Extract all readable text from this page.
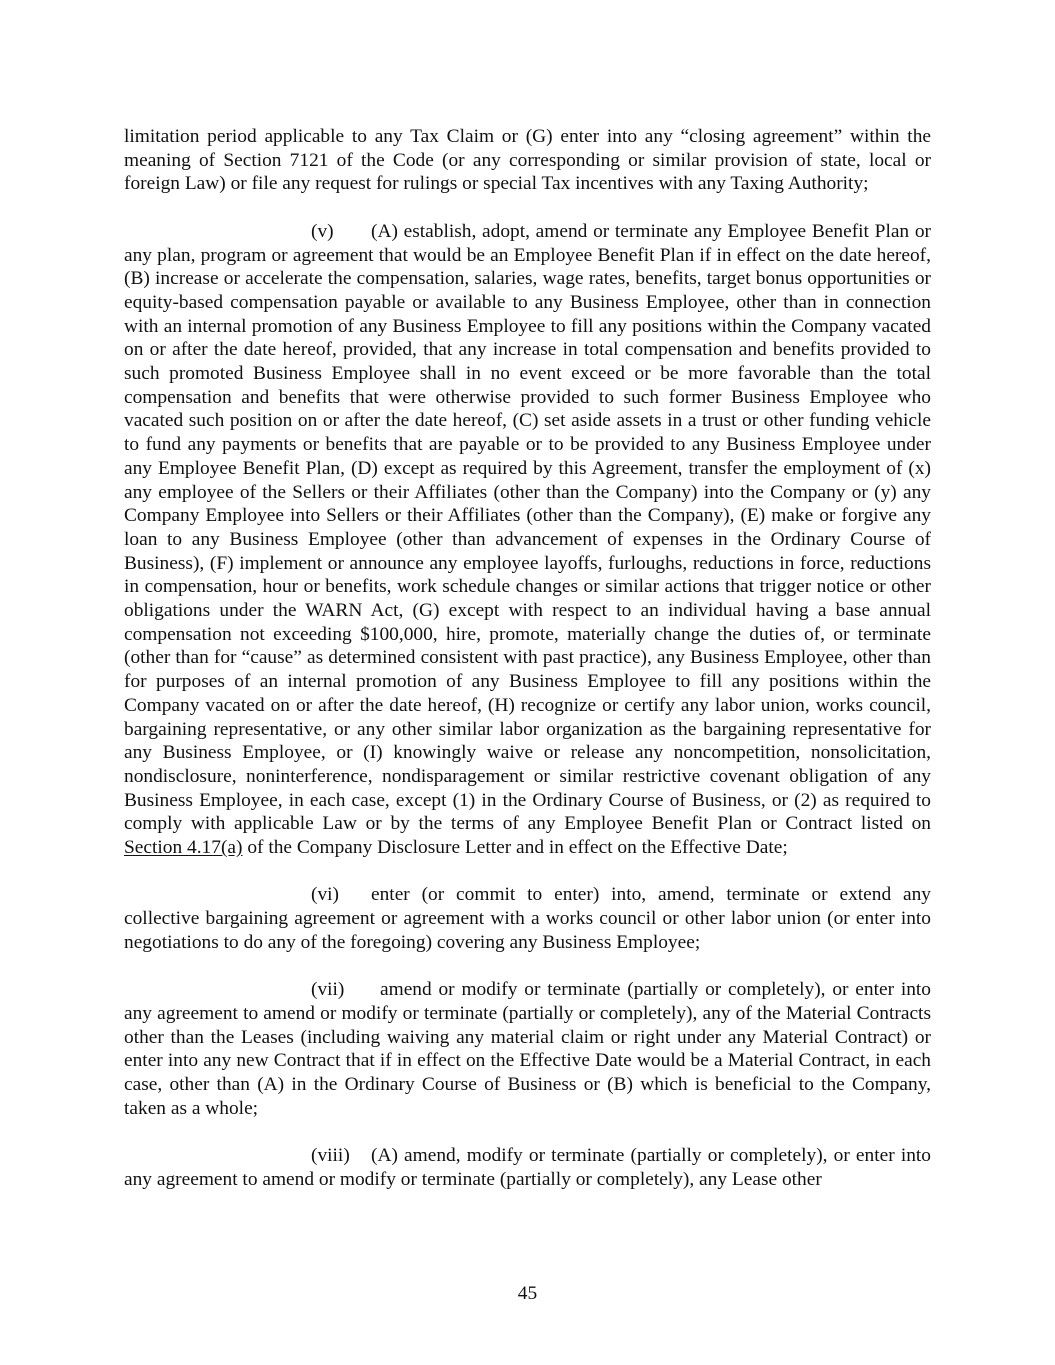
limitation period applicable to any Tax Claim or (G) enter into any “closing agreement” within the meaning of Section 7121 of the Code (or any corresponding or similar provision of state, local or foreign Law) or file any request for rulings or special Tax incentives with any Taxing Authority;

(v) (A) establish, adopt, amend or terminate any Employee Benefit Plan or any plan, program or agreement that would be an Employee Benefit Plan if in effect on the date hereof, (B) increase or accelerate the compensation, salaries, wage rates, benefits, target bonus opportunities or equity-based compensation payable or available to any Business Employee, other than in connection with an internal promotion of any Business Employee to fill any positions within the Company vacated on or after the date hereof, provided, that any increase in total compensation and benefits provided to such promoted Business Employee shall in no event exceed or be more favorable than the total compensation and benefits that were otherwise provided to such former Business Employee who vacated such position on or after the date hereof, (C) set aside assets in a trust or other funding vehicle to fund any payments or benefits that are payable or to be provided to any Business Employee under any Employee Benefit Plan, (D) except as required by this Agreement, transfer the employment of (x) any employee of the Sellers or their Affiliates (other than the Company) into the Company or (y) any Company Employee into Sellers or their Affiliates (other than the Company), (E) make or forgive any loan to any Business Employee (other than advancement of expenses in the Ordinary Course of Business), (F) implement or announce any employee layoffs, furloughs, reductions in force, reductions in compensation, hour or benefits, work schedule changes or similar actions that trigger notice or other obligations under the WARN Act, (G) except with respect to an individual having a base annual compensation not exceeding $100,000, hire, promote, materially change the duties of, or terminate (other than for “cause” as determined consistent with past practice), any Business Employee, other than for purposes of an internal promotion of any Business Employee to fill any positions within the Company vacated on or after the date hereof, (H) recognize or certify any labor union, works council, bargaining representative, or any other similar labor organization as the bargaining representative for any Business Employee, or (I) knowingly waive or release any noncompetition, nonsolicitation, nondisclosure, noninterference, nondisparagement or similar restrictive covenant obligation of any Business Employee, in each case, except (1) in the Ordinary Course of Business, or (2) as required to comply with applicable Law or by the terms of any Employee Benefit Plan or Contract listed on Section 4.17(a) of the Company Disclosure Letter and in effect on the Effective Date;

(vi) enter (or commit to enter) into, amend, terminate or extend any collective bargaining agreement or agreement with a works council or other labor union (or enter into negotiations to do any of the foregoing) covering any Business Employee;

(vii) amend or modify or terminate (partially or completely), or enter into any agreement to amend or modify or terminate (partially or completely), any of the Material Contracts other than the Leases (including waiving any material claim or right under any Material Contract) or enter into any new Contract that if in effect on the Effective Date would be a Material Contract, in each case, other than (A) in the Ordinary Course of Business or (B) which is beneficial to the Company, taken as a whole;

(viii) (A) amend, modify or terminate (partially or completely), or enter into any agreement to amend or modify or terminate (partially or completely), any Lease other

45
